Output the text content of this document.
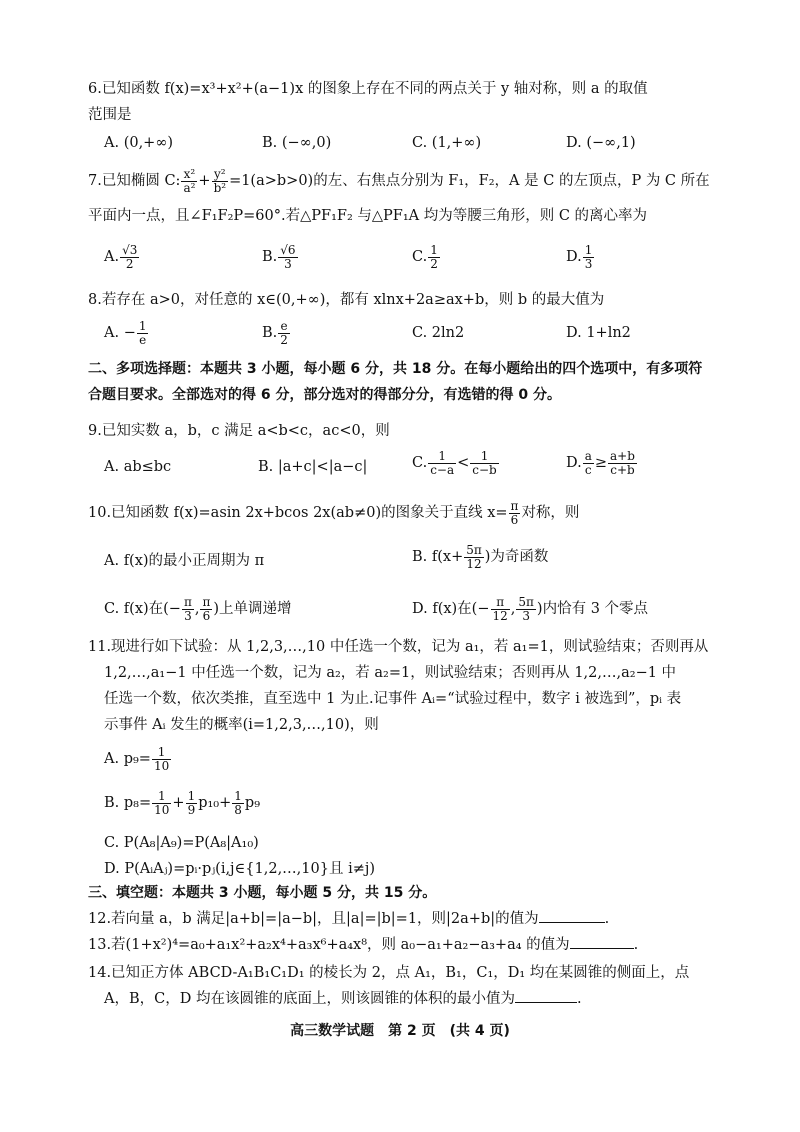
6.已知函数 f(x)=x³+x²+(a−1)x 的图象上存在不同的两点关于 y 轴对称，则 a 的取值
范围是
A. (0,+∞)	B. (−∞,0)	C. (1,+∞)	D. (−∞,1)
7.已知椭圆 C: $\frac{\text{x²}}{\text{a²}} + \frac{\text{y²}}{\text{b²}} =1(a>b>0)$的左、右焦点分别为 F₁，F₂，A 是 C 的左顶点，P 为 C 所在
平面内一点，且∠F₁F₂P=60°.若△PF₁F₂ 与△PF₁A 均为等腰三角形，则 C 的离心率为
A. $\frac{√3}{2}$	B. $\frac{√6}{3}$	C. $\frac{1}{2}$	D. $\frac{1}{3}$
8.若存在 a>0，对任意的 x∈(0,+∞)，都有 xlnx+2a≥ax+b，则 b 的最大值为
A. − $\frac{1}{e}$	B. $\frac{e}{2}$	C. 2ln2	D. 1+ln2
二、多项选择题：本题共 3 小题，每小题 6 分，共 18 分。在每小题给出的四个选项中，有多项符
合题目要求。全部选对的得 6 分，部分选对的得部分分，有选错的得 0 分。
9.已知实数 a，b，c 满足 a<b<c，ac<0，则
A. ab≤bc	B. |a+c|<|a−c|	C. $\frac{1}{c-a} < \frac{1}{c-b}$	D. $\frac{a}{c} \ge \frac{a+b}{c+b}$
10.已知函数 f(x)=asin 2x+bcos 2x(ab≠0)的图象关于直线 $x= \frac{\pi}{6}$ 对称，则
A. f(x)的最小正周期为 π	B. $f(x+ \frac{5\pi}{12}$ )为奇函数
C. f(x)在(− $\frac{\pi}{3}$ , $\frac{\pi}{6}$ )上单调递增	D. f(x)在(− $\frac{\pi}{12}$ , $\frac{5\pi}{3}$ )内恰有 3 个零点
11.现进行如下试验：从 1,2,3,…,10 中任选一个数，记为 a₁，若 a₁=1，则试验结束；否则再从
1,2,…,a₁−1 中任选一个数，记为 a₂，若 a₂=1，则试验结束；否则再从 1,2,…,a₂−1 中
任选一个数，依次类推，直至选中 1 为止.记事件 Aᵢ=“试验过程中，数字 i 被选到”，pᵢ 表
示事件 Aᵢ 发生的概率(i=1,2,3,…,10)，则
A. $p_9= \frac{1}{10}$
B. $p_8= \frac{1}{10} + \frac{1}{9} p_{10}+ \frac{1}{8} p_9$
C. P(A₈|A₉)=P(A₈|A₁₀)
D. P(AᵢAⱼ)=pᵢ·pⱼ(i,j∈{1,2,…,10}且 i≠j)
三、填空题：本题共 3 小题，每小题 5 分，共 15 分。
12.若向量 a，b 满足|a+b|=|a−b|，且|a|=|b|=1，则|2a+b|的值为	.
13.若(1+x²)⁴=a₀+a₁x²+a₂x⁴+a₃x⁶+a₄x⁸，则 a₀−a₁+a₂−a₃+a₄ 的值为	.
14.已知正方体 ABCD-A₁B₁C₁D₁ 的棱长为 2，点 A₁，B₁，C₁，D₁ 均在某圆锥的侧面上，点
A，B，C，D 均在该圆锥的底面上，则该圆锥的体积的最小值为	.
高三数学试题　第 2 页　(共 4 页)
